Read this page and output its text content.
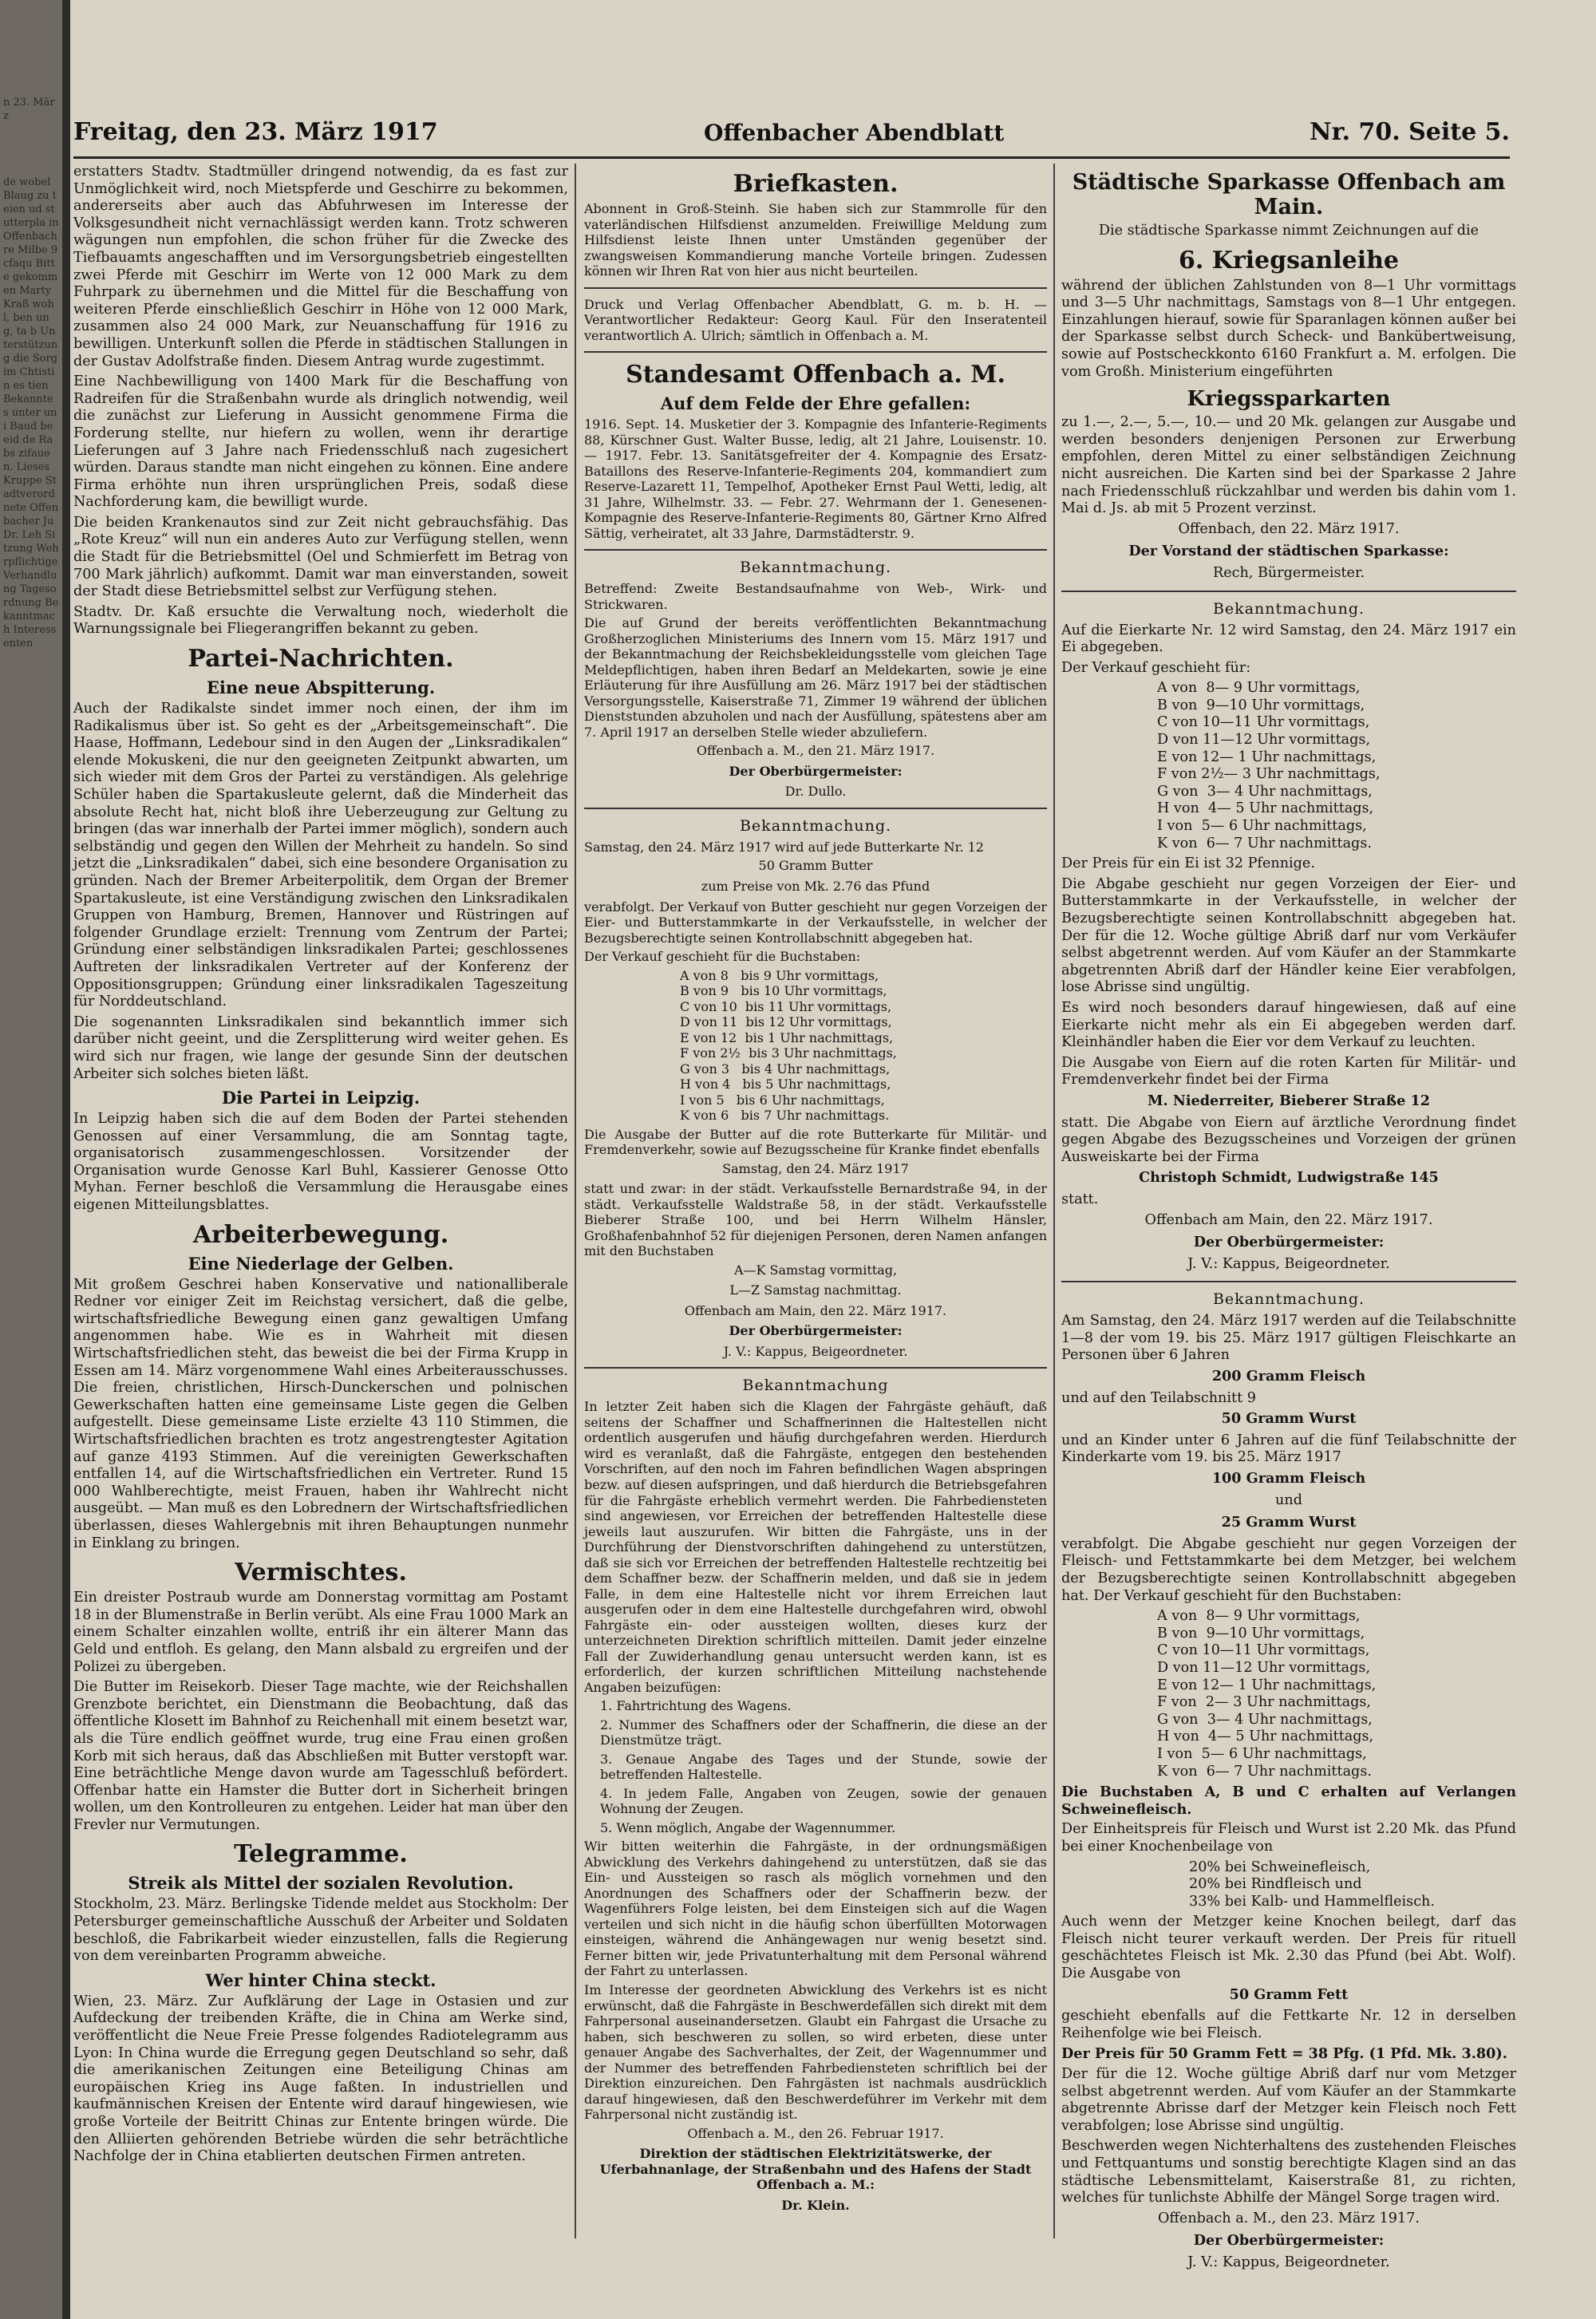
n 23. März
de wobel Blaug zu teien ud stutterpla in Offenbach re Milbe 9 cfaqu Bitte gekommen Marty Kraß wohl, ben ung, ta b Unterstützung die Sorg im Chtistin es tien Bekannte s unter uni Baud beeid de Rabs zifauen. Lieses Kruppe Stadtverordnete Offenbacher Ju Dr. Leh Sitzung Wehrpflichtige Verhandlung Tagesordnung Bekanntmach Interessenten
Freitag, den 23. März 1917	Offenbacher Abendblatt	Nr. 70. Seite 5.

erstatters Stadtv. Stadtmüller dringend notwendig, da es fast zur Unmöglichkeit wird, noch Mietspferde und Geschirre zu bekommen, andererseits aber auch das Abfuhrwesen im Interesse der Volksgesundheit nicht vernachlässigt werden kann. Trotz schweren wägungen nun empfohlen, die schon früher für die Zwecke des Tiefbauamts angeschafften und im Versorgungsbetrieb eingestellten zwei Pferde mit Geschirr im Werte von 12 000 Mark zu dem Fuhrpark zu übernehmen und die Mittel für die Beschaffung von weiteren Pferde einschließlich Geschirr in Höhe von 12 000 Mark, zusammen also 24 000 Mark, zur Neuanschaffung für 1916 zu bewilligen. Unterkunft sollen die Pferde in städtischen Stallungen in der Gustav Adolfstraße finden. Diesem Antrag wurde zugestimmt.

Eine Nachbewilligung von 1400 Mark für die Beschaffung von Radreifen für die Straßenbahn wurde als dringlich notwendig, weil die zunächst zur Lieferung in Aussicht genommene Firma die Forderung stellte, nur hiefern zu wollen, wenn ihr derartige Lieferungen auf 3 Jahre nach Friedensschluß nach zugesichert würden. Daraus standte man nicht eingehen zu können. Eine andere Firma erhöhte nun ihren ursprünglichen Preis, sodaß diese Nachforderung kam, die bewilligt wurde.

Die beiden Krankenautos sind zur Zeit nicht gebrauchsfähig. Das „Rote Kreuz“ will nun ein anderes Auto zur Verfügung stellen, wenn die Stadt für die Betriebsmittel (Oel und Schmierfett im Betrag von 700 Mark jährlich) aufkommt. Damit war man einverstanden, soweit der Stadt diese Betriebsmittel selbst zur Verfügung stehen.

Stadtv. Dr. Kaß ersuchte die Verwaltung noch, wiederholt die Warnungssignale bei Fliegerangriffen bekannt zu geben.

Partei-Nachrichten.
Eine neue Abspitterung.

Auch der Radikalste sindet immer noch einen, der ihm im Radikalismus über ist. So geht es der „Arbeitsgemeinschaft“. Die Haase, Hoffmann, Ledebour sind in den Augen der „Linksradikalen“ elende Mokuskeni, die nur den geeigneten Zeitpunkt abwarten, um sich wieder mit dem Gros der Partei zu verständigen. Als gelehrige Schüler haben die Spartakusleute gelernt, daß die Minderheit das absolute Recht hat, nicht bloß ihre Ueberzeugung zur Geltung zu bringen (das war innerhalb der Partei immer möglich), sondern auch selbständig und gegen den Willen der Mehrheit zu handeln. So sind jetzt die „Linksradikalen“ dabei, sich eine besondere Organisation zu gründen. Nach der Bremer Arbeiterpolitik, dem Organ der Bremer Spartakusleute, ist eine Verständigung zwischen den Linksradikalen Gruppen von Hamburg, Bremen, Hannover und Rüstringen auf folgender Grundlage erzielt: Trennung vom Zentrum der Partei; Gründung einer selbständigen linksradikalen Partei; geschlossenes Auftreten der linksradikalen Vertreter auf der Konferenz der Oppositionsgruppen; Gründung einer linksradikalen Tageszeitung für Norddeutschland.

Die sogenannten Linksradikalen sind bekanntlich immer sich darüber nicht geeint, und die Zersplitterung wird weiter gehen. Es wird sich nur fragen, wie lange der gesunde Sinn der deutschen Arbeiter sich solches bieten läßt.

Die Partei in Leipzig.

In Leipzig haben sich die auf dem Boden der Partei stehenden Genossen auf einer Versammlung, die am Sonntag tagte, organisatorisch zusammengeschlossen. Vorsitzender der Organisation wurde Genosse Karl Buhl, Kassierer Genosse Otto Myhan. Ferner beschloß die Versammlung die Herausgabe eines eigenen Mitteilungsblattes.

Arbeiterbewegung.
Eine Niederlage der Gelben.

Mit großem Geschrei haben Konservative und nationalliberale Redner vor einiger Zeit im Reichstag versichert, daß die gelbe, wirtschaftsfriedliche Bewegung einen ganz gewaltigen Umfang angenommen habe. Wie es in Wahrheit mit diesen Wirtschaftsfriedlichen steht, das beweist die bei der Firma Krupp in Essen am 14. März vorgenommene Wahl eines Arbeiterausschusses. Die freien, christlichen, Hirsch-Dunckerschen und polnischen Gewerkschaften hatten eine gemeinsame Liste gegen die Gelben aufgestellt. Diese gemeinsame Liste erzielte 43 110 Stimmen, die Wirtschaftsfriedlichen brachten es trotz angestrengtester Agitation auf ganze 4193 Stimmen. Auf die vereinigten Gewerkschaften entfallen 14, auf die Wirtschaftsfriedlichen ein Vertreter. Rund 15 000 Wahlberechtigte, meist Frauen, haben ihr Wahlrecht nicht ausgeübt. — Man muß es den Lobrednern der Wirtschaftsfriedlichen überlassen, dieses Wahlergebnis mit ihren Behauptungen nunmehr in Einklang zu bringen.

Vermischtes.

Ein dreister Postraub wurde am Donnerstag vormittag am Postamt 18 in der Blumenstraße in Berlin verübt. Als eine Frau 1000 Mark an einem Schalter einzahlen wollte, entriß ihr ein älterer Mann das Geld und entfloh. Es gelang, den Mann alsbald zu ergreifen und der Polizei zu übergeben.

Die Butter im Reisekorb. Dieser Tage machte, wie der Reichshallen Grenzbote berichtet, ein Dienstmann die Beobachtung, daß das öffentliche Klosett im Bahnhof zu Reichenhall mit einem besetzt war, als die Türe endlich geöffnet wurde, trug eine Frau einen großen Korb mit sich heraus, daß das Abschließen mit Butter verstopft war. Eine beträchtliche Menge davon wurde am Tagesschluß befördert. Offenbar hatte ein Hamster die Butter dort in Sicherheit bringen wollen, um den Kontrolleuren zu entgehen. Leider hat man über den Frevler nur Vermutungen.

Telegramme.
Streik als Mittel der sozialen Revolution.

Stockholm, 23. März. Berlingske Tidende meldet aus Stockholm: Der Petersburger gemeinschaftliche Ausschuß der Arbeiter und Soldaten beschloß, die Fabrikarbeit wieder einzustellen, falls die Regierung von dem vereinbarten Programm abweiche.

Wer hinter China steckt.

Wien, 23. März. Zur Aufklärung der Lage in Ostasien und zur Aufdeckung der treibenden Kräfte, die in China am Werke sind, veröffentlicht die Neue Freie Presse folgendes Radiotelegramm aus Lyon: In China wurde die Erregung gegen Deutschland so sehr, daß die amerikanischen Zeitungen eine Beteiligung Chinas am europäischen Krieg ins Auge faßten. In industriellen und kaufmännischen Kreisen der Entente wird darauf hingewiesen, wie große Vorteile der Beitritt Chinas zur Entente bringen würde. Die den Alliierten gehörenden Betriebe würden die sehr beträchtliche Nachfolge der in China etablierten deutschen Firmen antreten.

Briefkasten.

Abonnent in Groß-Steinh. Sie haben sich zur Stammrolle für den vaterländischen Hilfsdienst anzumelden. Freiwillige Meldung zum Hilfsdienst leiste Ihnen unter Umständen gegenüber der zwangsweisen Kommandierung manche Vorteile bringen. Zudessen können wir Ihren Rat von hier aus nicht beurteilen.

Druck und Verlag Offenbacher Abendblatt, G. m. b. H. — Verantwortlicher Redakteur: Georg Kaul. Für den Inseratenteil verantwortlich A. Ulrich; sämtlich in Offenbach a. M.

Standesamt Offenbach a. M.
Auf dem Felde der Ehre gefallen:

1916. Sept. 14. Musketier der 3. Kompagnie des Infanterie-Regiments 88, Kürschner Gust. Walter Busse, ledig, alt 21 Jahre, Louisenstr. 10. — 1917. Febr. 13. Sanitätsgefreiter der 4. Kompagnie des Ersatz-Bataillons des Reserve-Infanterie-Regiments 204, kommandiert zum Reserve-Lazarett 11, Tempelhof, Apotheker Ernst Paul Wetti, ledig, alt 31 Jahre, Wilhelmstr. 33. — Febr. 27. Wehrmann der 1. Genesenen-Kompagnie des Reserve-Infanterie-Regiments 80, Gärtner Krno Alfred Sättig, verheiratet, alt 33 Jahre, Darmstädterstr. 9.

Bekanntmachung.

Betreffend: Zweite Bestandsaufnahme von Web-, Wirk- und Strickwaren.

Die auf Grund der bereits veröffentlichten Bekanntmachung Großherzoglichen Ministeriums des Innern vom 15. März 1917 und der Bekanntmachung der Reichsbekleidungsstelle vom gleichen Tage Meldepflichtigen, haben ihren Bedarf an Meldekarten, sowie je eine Erläuterung für ihre Ausfüllung am 26. März 1917 bei der städtischen Versorgungsstelle, Kaiserstraße 71, Zimmer 19 während der üblichen Dienststunden abzuholen und nach der Ausfüllung, spätestens aber am 7. April 1917 an derselben Stelle wieder abzuliefern.

Offenbach a. M., den 21. März 1917.
Der Oberbürgermeister:
Dr. Dullo.
Bekanntmachung.

Samstag, den 24. März 1917 wird auf jede Butterkarte Nr. 12

50 Gramm Butter
zum Preise von Mk. 2.76 das Pfund

verabfolgt. Der Verkauf von Butter geschieht nur gegen Vorzeigen der Eier- und Butterstammkarte in der Verkaufsstelle, in welcher der Bezugsberechtigte seinen Kontrollabschnitt abgegeben hat.

Der Verkauf geschieht für die Buchstaben:

A von 8   bis 9 Uhr vormittags,
B von 9   bis 10 Uhr vormittags,
C von 10  bis 11 Uhr vormittags,
D von 11  bis 12 Uhr vormittags,
E von 12  bis 1 Uhr nachmittags,
F von 2½  bis 3 Uhr nachmittags,
G von 3   bis 4 Uhr nachmittags,
H von 4   bis 5 Uhr nachmittags,
I von 5   bis 6 Uhr nachmittags,
K von 6   bis 7 Uhr nachmittags.

Die Ausgabe der Butter auf die rote Butterkarte für Militär- und Fremdenverkehr, sowie auf Bezugsscheine für Kranke findet ebenfalls

Samstag, den 24. März 1917

statt und zwar: in der städt. Verkaufsstelle Bernardstraße 94, in der städt. Verkaufsstelle Waldstraße 58, in der städt. Verkaufsstelle Bieberer Straße 100, und bei Herrn Wilhelm Hänsler, Großhafenbahnhof 52 für diejenigen Personen, deren Namen anfangen mit den Buchstaben

A—K Samstag vormittag,
L—Z Samstag nachmittag.
Offenbach am Main, den 22. März 1917.
Der Oberbürgermeister:
J. V.: Kappus, Beigeordneter.
Bekanntmachung

In letzter Zeit haben sich die Klagen der Fahrgäste gehäuft, daß seitens der Schaffner und Schaffnerinnen die Haltestellen nicht ordentlich ausgerufen und häufig durchgefahren werden. Hierdurch wird es veranlaßt, daß die Fahrgäste, entgegen den bestehenden Vorschriften, auf den noch im Fahren befindlichen Wagen abspringen bezw. auf diesen aufspringen, und daß hierdurch die Betriebsgefahren für die Fahrgäste erheblich vermehrt werden. Die Fahrbediensteten sind angewiesen, vor Erreichen der betreffenden Haltestelle diese jeweils laut auszurufen. Wir bitten die Fahrgäste, uns in der Durchführung der Dienstvorschriften dahingehend zu unterstützen, daß sie sich vor Erreichen der betreffenden Haltestelle rechtzeitig bei dem Schaffner bezw. der Schaffnerin melden, und daß sie in jedem Falle, in dem eine Haltestelle nicht vor ihrem Erreichen laut ausgerufen oder in dem eine Haltestelle durchgefahren wird, obwohl Fahrgäste ein- oder aussteigen wollten, dieses kurz der unterzeichneten Direktion schriftlich mitteilen. Damit jeder einzelne Fall der Zuwiderhandlung genau untersucht werden kann, ist es erforderlich, der kurzen schriftlichen Mitteilung nachstehende Angaben beizufügen:

1. Fahrtrichtung des Wagens.

2. Nummer des Schaffners oder der Schaffnerin, die diese an der Dienstmütze trägt.

3. Genaue Angabe des Tages und der Stunde, sowie der betreffenden Haltestelle.

4. In jedem Falle, Angaben von Zeugen, sowie der genauen Wohnung der Zeugen.

5. Wenn möglich, Angabe der Wagennummer.

Wir bitten weiterhin die Fahrgäste, in der ordnungsmäßigen Abwicklung des Verkehrs dahingehend zu unterstützen, daß sie das Ein- und Aussteigen so rasch als möglich vornehmen und den Anordnungen des Schaffners oder der Schaffnerin bezw. der Wagenführers Folge leisten, bei dem Einsteigen sich auf die Wagen verteilen und sich nicht in die häufig schon überfüllten Motorwagen einsteigen, während die Anhängewagen nur wenig besetzt sind. Ferner bitten wir, jede Privatunterhaltung mit dem Personal während der Fahrt zu unterlassen.

Im Interesse der geordneten Abwicklung des Verkehrs ist es nicht erwünscht, daß die Fahrgäste in Beschwerdefällen sich direkt mit dem Fahrpersonal auseinandersetzen. Glaubt ein Fahrgast die Ursache zu haben, sich beschweren zu sollen, so wird erbeten, diese unter genauer Angabe des Sachverhaltes, der Zeit, der Wagennummer und der Nummer des betreffenden Fahrbediensteten schriftlich bei der Direktion einzureichen. Den Fahrgästen ist nachmals ausdrücklich darauf hingewiesen, daß den Beschwerdeführer im Verkehr mit dem Fahrpersonal nicht zuständig ist.

Offenbach a. M., den 26. Februar 1917.
Direktion der städtischen Elektrizitätswerke, der Uferbahnanlage, der Straßenbahn und des Hafens der Stadt Offenbach a. M.:
Dr. Klein.
Städtische Sparkasse Offenbach am Main.
Die städtische Sparkasse nimmt Zeichnungen auf die
6. Kriegsanleihe

während der üblichen Zahlstunden von 8—1 Uhr vormittags und 3—5 Uhr nachmittags, Samstags von 8—1 Uhr entgegen. Einzahlungen hierauf, sowie für Sparanlagen können außer bei der Sparkasse selbst durch Scheck- und Bankübertweisung, sowie auf Postscheckkonto 6160 Frankfurt a. M. erfolgen. Die vom Großh. Ministerium eingeführten

Kriegssparkarten

zu 1.—, 2.—, 5.—, 10.— und 20 Mk. gelangen zur Ausgabe und werden besonders denjenigen Personen zur Erwerbung empfohlen, deren Mittel zu einer selbständigen Zeichnung nicht ausreichen. Die Karten sind bei der Sparkasse 2 Jahre nach Friedensschluß rückzahlbar und werden bis dahin vom 1. Mai d. Js. ab mit 5 Prozent verzinst.

Offenbach, den 22. März 1917.
Der Vorstand der städtischen Sparkasse:
Rech, Bürgermeister.
Bekanntmachung.

Auf die Eierkarte Nr. 12 wird Samstag, den 24. März 1917 ein Ei abgegeben.

Der Verkauf geschieht für:

A von  8— 9 Uhr vormittags,
B von  9—10 Uhr vormittags,
C von 10—11 Uhr vormittags,
D von 11—12 Uhr vormittags,
E von 12— 1 Uhr nachmittags,
F von 2½— 3 Uhr nachmittags,
G von  3— 4 Uhr nachmittags,
H von  4— 5 Uhr nachmittags,
I von  5— 6 Uhr nachmittags,
K von  6— 7 Uhr nachmittags.

Der Preis für ein Ei ist 32 Pfennige.

Die Abgabe geschieht nur gegen Vorzeigen der Eier- und Butterstammkarte in der Verkaufsstelle, in welcher der Bezugsberechtigte seinen Kontrollabschnitt abgegeben hat. Der für die 12. Woche gültige Abriß darf nur vom Verkäufer selbst abgetrennt werden. Auf vom Käufer an der Stammkarte abgetrennten Abriß darf der Händler keine Eier verabfolgen, lose Abrisse sind ungültig.

Es wird noch besonders darauf hingewiesen, daß auf eine Eierkarte nicht mehr als ein Ei abgegeben werden darf. Kleinhändler haben die Eier vor dem Verkauf zu leuchten.

Die Ausgabe von Eiern auf die roten Karten für Militär- und Fremdenverkehr findet bei der Firma

M. Niederreiter, Bieberer Straße 12

statt. Die Abgabe von Eiern auf ärztliche Verordnung findet gegen Abgabe des Bezugsscheines und Vorzeigen der grünen Ausweiskarte bei der Firma

Christoph Schmidt, Ludwigstraße 145

statt.

Offenbach am Main, den 22. März 1917.
Der Oberbürgermeister:
J. V.: Kappus, Beigeordneter.
Bekanntmachung.

Am Samstag, den 24. März 1917 werden auf die Teilabschnitte 1—8 der vom 19. bis 25. März 1917 gültigen Fleischkarte an Personen über 6 Jahren

200 Gramm Fleisch

und auf den Teilabschnitt 9

50 Gramm Wurst

und an Kinder unter 6 Jahren auf die fünf Teilabschnitte der Kinderkarte vom 19. bis 25. März 1917

100 Gramm Fleisch
und
25 Gramm Wurst

verabfolgt. Die Abgabe geschieht nur gegen Vorzeigen der Fleisch- und Fettstammkarte bei dem Metzger, bei welchem der Bezugsberechtigte seinen Kontrollabschnitt abgegeben hat. Der Verkauf geschieht für den Buchstaben:

A von  8— 9 Uhr vormittags,
B von  9—10 Uhr vormittags,
C von 10—11 Uhr vormittags,
D von 11—12 Uhr vormittags,
E von 12— 1 Uhr nachmittags,
F von  2— 3 Uhr nachmittags,
G von  3— 4 Uhr nachmittags,
H von  4— 5 Uhr nachmittags,
I von  5— 6 Uhr nachmittags,
K von  6— 7 Uhr nachmittags.

Die Buchstaben A, B und C erhalten auf Verlangen Schweinefleisch.

Der Einheitspreis für Fleisch und Wurst ist 2.20 Mk. das Pfund bei einer Knochenbeilage von

20% bei Schweinefleisch,
20% bei Rindfleisch und
33% bei Kalb- und Hammelfleisch.

Auch wenn der Metzger keine Knochen beilegt, darf das Fleisch nicht teurer verkauft werden. Der Preis für rituell geschächtetes Fleisch ist Mk. 2.30 das Pfund (bei Abt. Wolf). Die Ausgabe von

50 Gramm Fett

geschieht ebenfalls auf die Fettkarte Nr. 12 in derselben Reihenfolge wie bei Fleisch.

Der Preis für 50 Gramm Fett = 38 Pfg. (1 Pfd. Mk. 3.80).

Der für die 12. Woche gültige Abriß darf nur vom Metzger selbst abgetrennt werden. Auf vom Käufer an der Stammkarte abgetrennte Abrisse darf der Metzger kein Fleisch noch Fett verabfolgen; lose Abrisse sind ungültig.

Beschwerden wegen Nichterhaltens des zustehenden Fleisches und Fettquantums und sonstig berechtigte Klagen sind an das städtische Lebensmittelamt, Kaiserstraße 81, zu richten, welches für tunlichste Abhilfe der Mängel Sorge tragen wird.

Offenbach a. M., den 23. März 1917.
Der Oberbürgermeister:
J. V.: Kappus, Beigeordneter.
